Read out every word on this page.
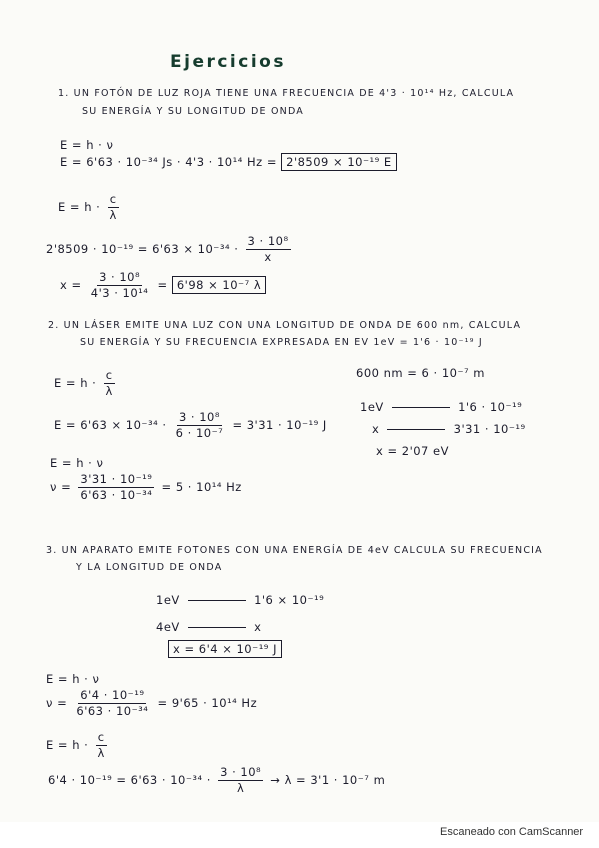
Ejercicios
1. UN FOTÓN DE LUZ ROJA TIENE UNA FRECUENCIA DE 4'3 · 10¹⁴ Hz, CALCULA
SU ENERGÍA Y SU LONGITUD DE ONDA
E = h · ν
E = 6'63 · 10⁻³⁴ Js · 4'3 · 10¹⁴ Hz = 2'8509 × 10⁻¹⁹ E
$E = h \cdot \frac{c}{\lambda}$
$2'8509 \cdot 10^{-19} = 6'63 \times 10^{-34} \cdot \frac{\text{3 · 10⁸}}{x}$
$x = \frac{\text{3 · 10⁸}}{\text{4'3 · 10¹⁴}} = 6'98 \times 10^{-7}$ λ
2. UN LÁSER EMITE UNA LUZ CON UNA LONGITUD DE ONDA DE 600 nm, CALCULA
SU ENERGÍA Y SU FRECUENCIA EXPRESADA EN EV 1eV = 1'6 · 10⁻¹⁹ J
$E = h \cdot \frac{c}{\lambda}$
$E = 6'63 \times 10^{-34} \cdot \frac{\text{3 · 10⁸}}{\text{6 · 10⁻⁷}} = 3'31 \cdot 10^{-19}$ J
E = h · ν
$\nu = \frac{\text{3'31 · 10⁻¹⁹}}{\text{6'63 · 10⁻³⁴}} = 5 \cdot 10^{14}$ Hz
600 nm = 6 · 10⁻⁷ m
1eV	1'6 · 10⁻¹⁹
x	3'31 · 10⁻¹⁹
x = 2'07 eV
3. UN APARATO EMITE FOTONES CON UNA ENERGÍA DE 4eV CALCULA SU FRECUENCIA
Y LA LONGITUD DE ONDA
1eV	1'6 × 10⁻¹⁹
4eV	x
x = 6'4 × 10⁻¹⁹ J
E = h · ν
$\nu = \frac{\text{6'4 · 10⁻¹⁹}}{\text{6'63 · 10⁻³⁴}} = 9'65 \cdot 10^{14}$ Hz
$E = h \cdot \frac{c}{\lambda}$
$6'4 \cdot 10^{-19} = 6'63 \cdot 10^{-34} \cdot \frac{\text{3 · 10⁸}}{\lambda} \to \lambda = 3'1 \cdot 10^{-7}$ m
Escaneado con CamScanner
